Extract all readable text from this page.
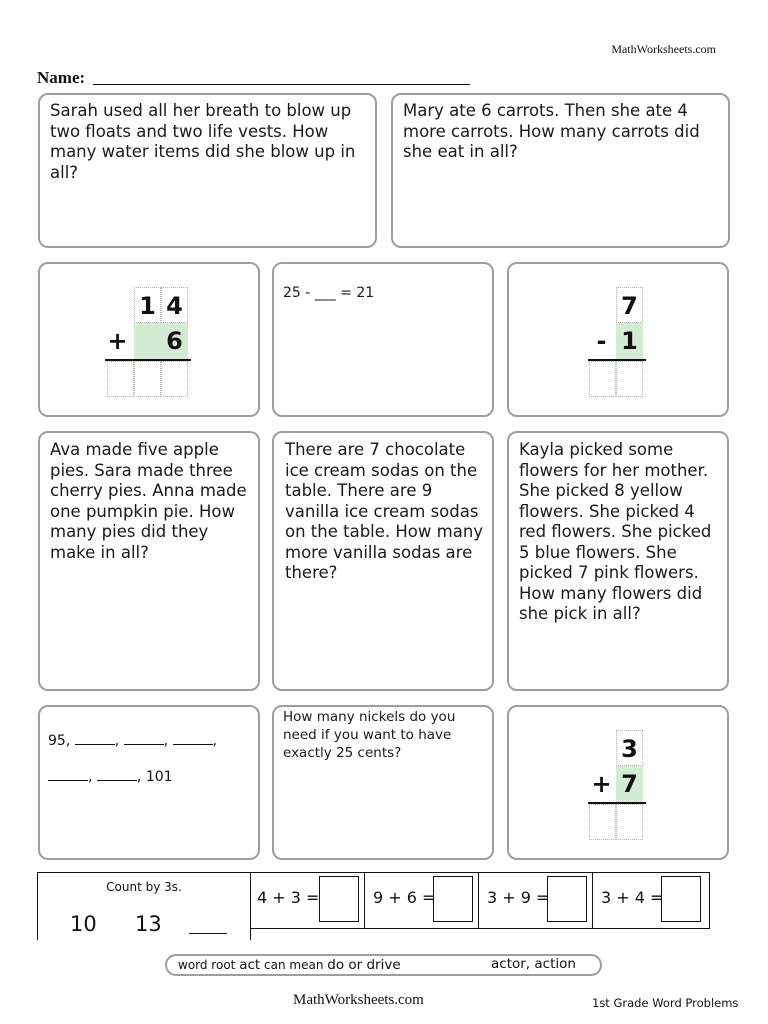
MathWorksheets.com
Name:
Sarah used all her breath to blow up two floats and two life vests. How many water items did she blow up in all?
Mary ate 6 carrots. Then she ate 4 more carrots. How many carrots did she eat in all?
1 4
+ 6
25 - ___ = 21	7
- 1
Ava made five apple pies. Sara made three cherry pies. Anna made one pumpkin pie. How many pies did they make in all?
There are 7 chocolate ice cream sodas on the table. There are 9 vanilla ice cream sodas on the table. How many more vanilla sodas are there?
Kayla picked some flowers for her mother. She picked 8 yellow flowers. She picked 4 red flowers. She picked 5 blue flowers. She picked 7 pink flowers. How many flowers did she pick in all?
95,	,	,	,
,	, 101
How many nickels do you need if you want to have exactly 25 cents?	3
+ 7
Count by 3s.
10 13
4 + 3 =	9 + 6 =	3 + 9 =	3 + 4 =
word root act can mean do or drive	actor, action
MathWorksheets.com	1st Grade Word Problems
